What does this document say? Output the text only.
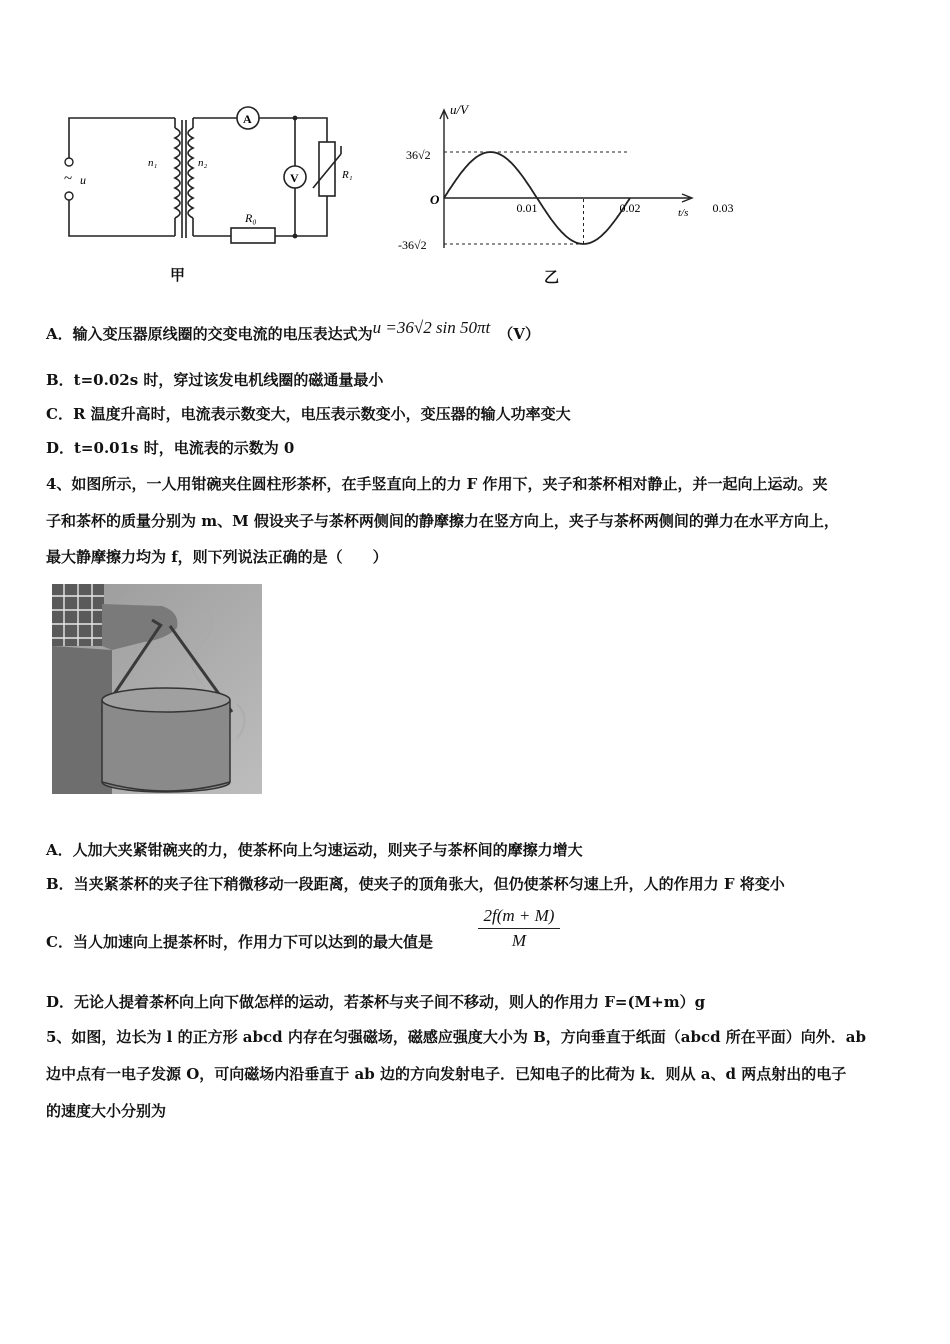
~ u
n₁	n₂
A
V
R₀
R₁
甲
u/V
t/s
O
36√2
-36√2
0.01	0.02	0.03
乙
A．输入变压器原线圈的交变电流的电压表达式为u =36√2 sin 50πt （V）
B．t=0.02s 时，穿过该发电机线圈的磁通量最小
C．R 温度升高时，电流表示数变大，电压表示数变小，变压器的输人功率变大
D．t=0.01s 时，电流表的示数为 0
4、如图所示，一人用钳碗夹住圆柱形茶杯，在手竖直向上的力 F 作用下，夹子和茶杯相对静止，并一起向上运动。夹
子和茶杯的质量分别为 m、M 假设夹子与茶杯两侧间的静摩擦力在竖方向上，夹子与茶杯两侧间的弹力在水平方向上，
最大静摩擦力均为 f，则下列说法正确的是（　　）
A．人加大夹紧钳碗夹的力，使茶杯向上匀速运动，则夹子与茶杯间的摩擦力增大
B．当夹紧茶杯的夹子往下稍微移动一段距离，使夹子的顶角张大，但仍使茶杯匀速上升，人的作用力 F 将变小
2f(m + M)
M
C．当人加速向上提茶杯时，作用力下可以达到的最大值是
D．无论人提着茶杯向上向下做怎样的运动，若茶杯与夹子间不移动，则人的作用力 F=(M+m）g
5、如图，边长为 l 的正方形 abcd 内存在匀强磁场，磁感应强度大小为 B，方向垂直于纸面（abcd 所在平面）向外．ab
边中点有一电子发源 O，可向磁场内沿垂直于 ab 边的方向发射电子．已知电子的比荷为 k．则从 a、d 两点射出的电子
的速度大小分别为
